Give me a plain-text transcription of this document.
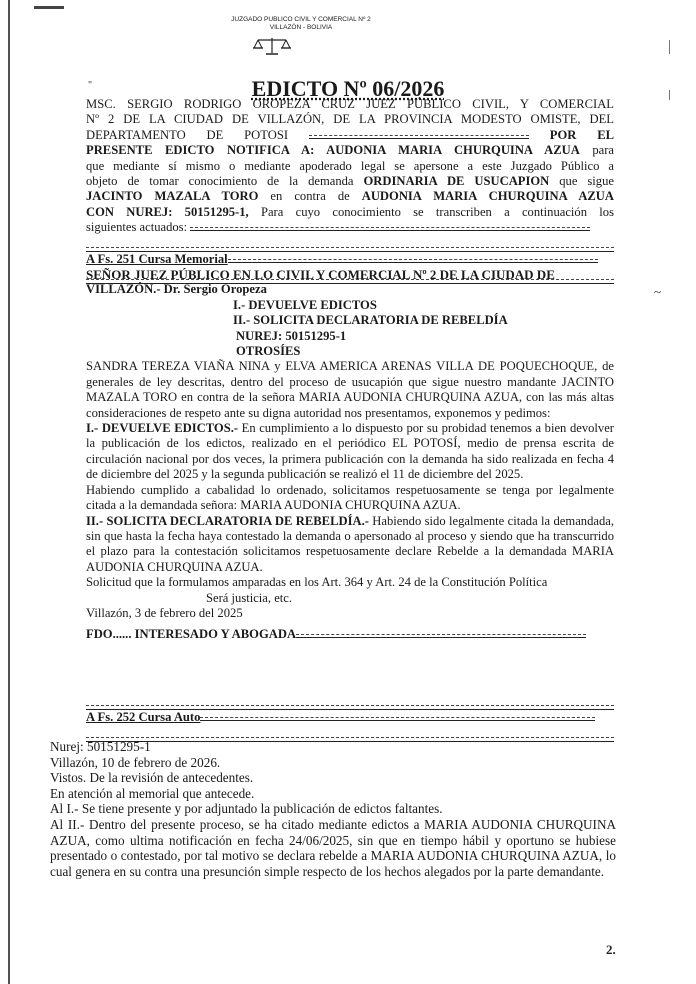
"
~
2.
JUZGADO PUBLICO CIVIL Y COMERCIAL Nº 2
VILLAZÓN - BOLIVIA
EDICTO Nº 06/2026

MSC. SERGIO RODRIGO OROPEZA CRUZ JUEZ PÚBLICO CIVIL, Y COMERCIAL

Nº 2 DE LA CIUDAD DE VILLAZÓN, DE LA PROVINCIA MODESTO OMISTE, DEL

DEPARTAMENTO DE POTOSI	POR EL

PRESENTE EDICTO NOTIFICA A: AUDONIA MARIA CHURQUINA AZUA para

que mediante sí mismo o mediante apoderado legal se apersone a este Juzgado Público a

objeto de tomar conocimiento de la demanda ORDINARIA DE USUCAPION que sigue

JACINTO MAZALA TORO en contra de AUDONIA MARIA CHURQUINA AZUA

CON NUREJ: 50151295-1, Para cuyo conocimiento se transcriben a continuación los

siguientes actuados:

A Fs. 251 Cursa Memorial

SEÑOR JUEZ PÚBLICO EN LO CIVIL Y COMERCIAL Nº 2 DE LA CIUDAD DE

VILLAZÓN.- Dr. Sergio Oropeza

I.- DEVUELVE EDICTOS

II.- SOLICITA DECLARATORIA DE REBELDÍA

NUREJ: 50151295-1

OTROSÍES

SANDRA TEREZA VIAÑA NINA y ELVA AMERICA ARENAS VILLA DE POQUECHOQUE, de generales de ley descritas, dentro del proceso de usucapión que sigue nuestro mandante JACINTO MAZALA TORO en contra de la señora MARIA AUDONIA CHURQUINA AZUA, con las más altas consideraciones de respeto ante su digna autoridad nos presentamos, exponemos y pedimos:

I.- DEVUELVE EDICTOS.- En cumplimiento a lo dispuesto por su probidad tenemos a bien devolver la publicación de los edictos, realizado en el periódico EL POTOSÍ, medio de prensa escrita de circulación nacional por dos veces, la primera publicación con la demanda ha sido realizada en fecha 4 de diciembre del 2025 y la segunda publicación se realizó el 11 de diciembre del 2025.

Habiendo cumplido a cabalidad lo ordenado, solicitamos respetuosamente se tenga por legalmente citada a la demandada señora: MARIA AUDONIA CHURQUINA AZUA.

II.- SOLICITA DECLARATORIA DE REBELDÍA.- Habiendo sido legalmente citada la demandada, sin que hasta la fecha haya contestado la demanda o apersonado al proceso y siendo que ha transcurrido el plazo para la contestación solicitamos respetuosamente declare Rebelde a la demandada MARIA AUDONIA CHURQUINA AZUA.

Solicitud que la formulamos amparadas en los Art. 364 y Art. 24 de la Constitución Política

Será justicia, etc.

Villazón, 3 de febrero del 2025

FDO...... INTERESADO Y ABOGADA

A Fs. 252 Cursa Auto

Nurej: 50151295-1

Villazón, 10 de febrero de 2026.

Vistos. De la revisión de antecedentes.

En atención al memorial que antecede.

Al I.- Se tiene presente y por adjuntado la publicación de edictos faltantes.

Al II.- Dentro del presente proceso, se ha citado mediante edictos a MARIA AUDONIA CHURQUINA AZUA, como ultima notificación en fecha 24/06/2025, sin que en tiempo hábil y oportuno se hubiese presentado o contestado, por tal motivo se declara rebelde a MARIA AUDONIA CHURQUINA AZUA, lo cual genera en su contra una presunción simple respecto de los hechos alegados por la parte demandante.
